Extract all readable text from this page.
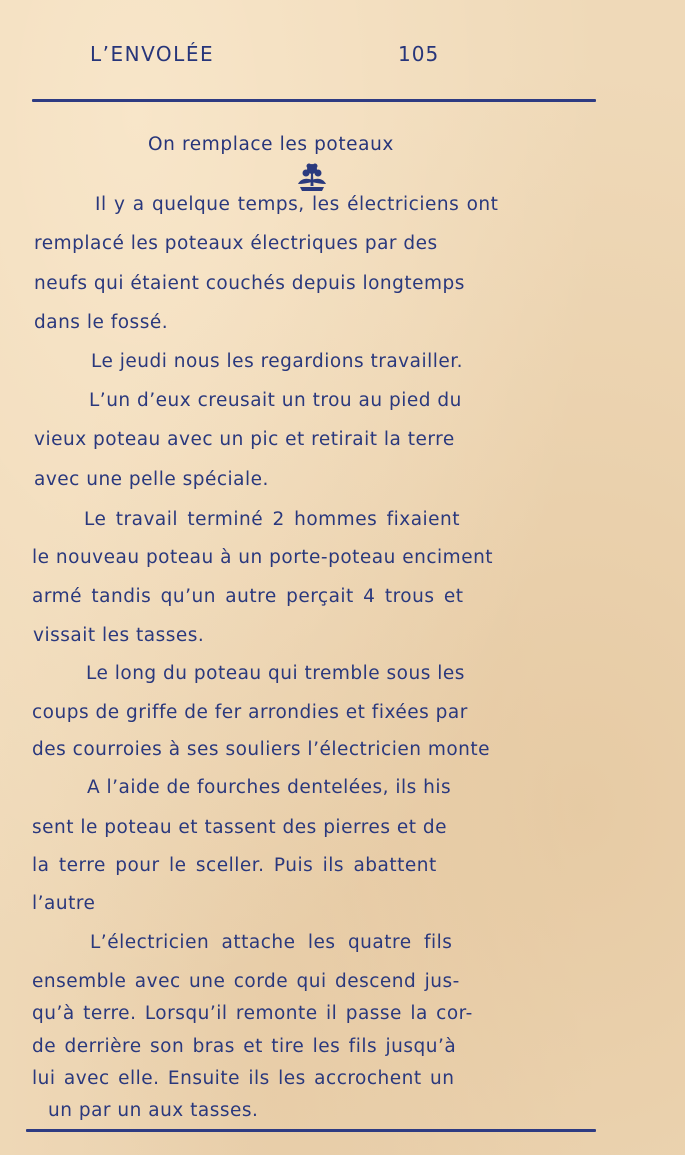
L’ENVOLÉE	105
On remplace les poteaux
Il y a quelque temps, les électriciens ont
remplacé les poteaux électriques par des
neufs qui étaient couchés depuis longtemps
dans le fossé.
Le jeudi nous les regardions travailler.
L’un d’eux creusait un trou au pied du
vieux poteau avec un pic et retirait la terre
avec une pelle spéciale.
Le travail terminé 2 hommes fixaient
le nouveau poteau à un porte-poteau enciment
armé tandis qu’un autre perçait 4 trous et
vissait les tasses.
Le long du poteau qui tremble sous les
coups de griffe de fer arrondies et fixées par
des courroies à ses souliers l’électricien monte
A l’aide de fourches dentelées, ils his
sent le poteau et tassent des pierres et de
la terre pour le sceller. Puis ils abattent
l’autre
L’électricien attache les quatre fils
ensemble avec une corde qui descend jus-
qu’à terre. Lorsqu’il remonte il passe la cor-
de derrière son bras et tire les fils jusqu’à
lui avec elle. Ensuite ils les accrochent un
un par un aux tasses.
